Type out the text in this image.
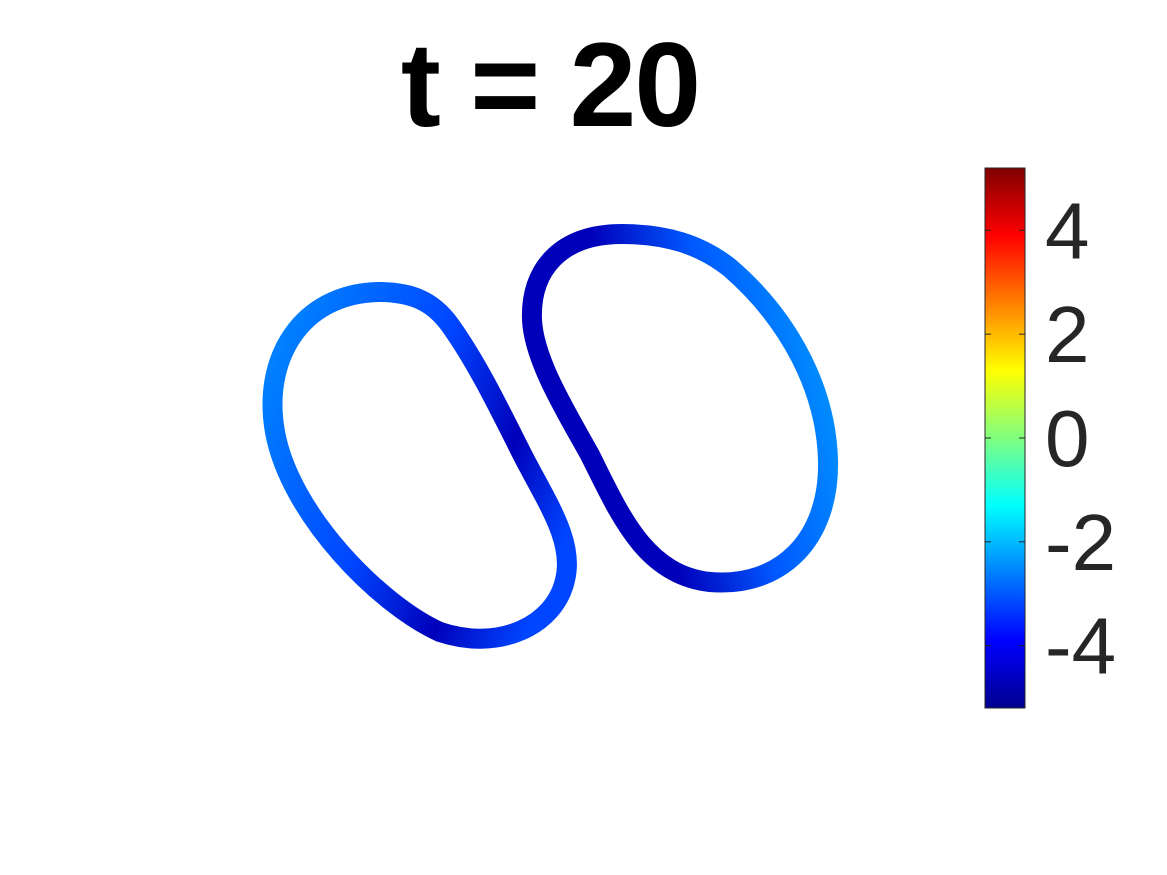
t = 20
4
2
0
-2
-4
